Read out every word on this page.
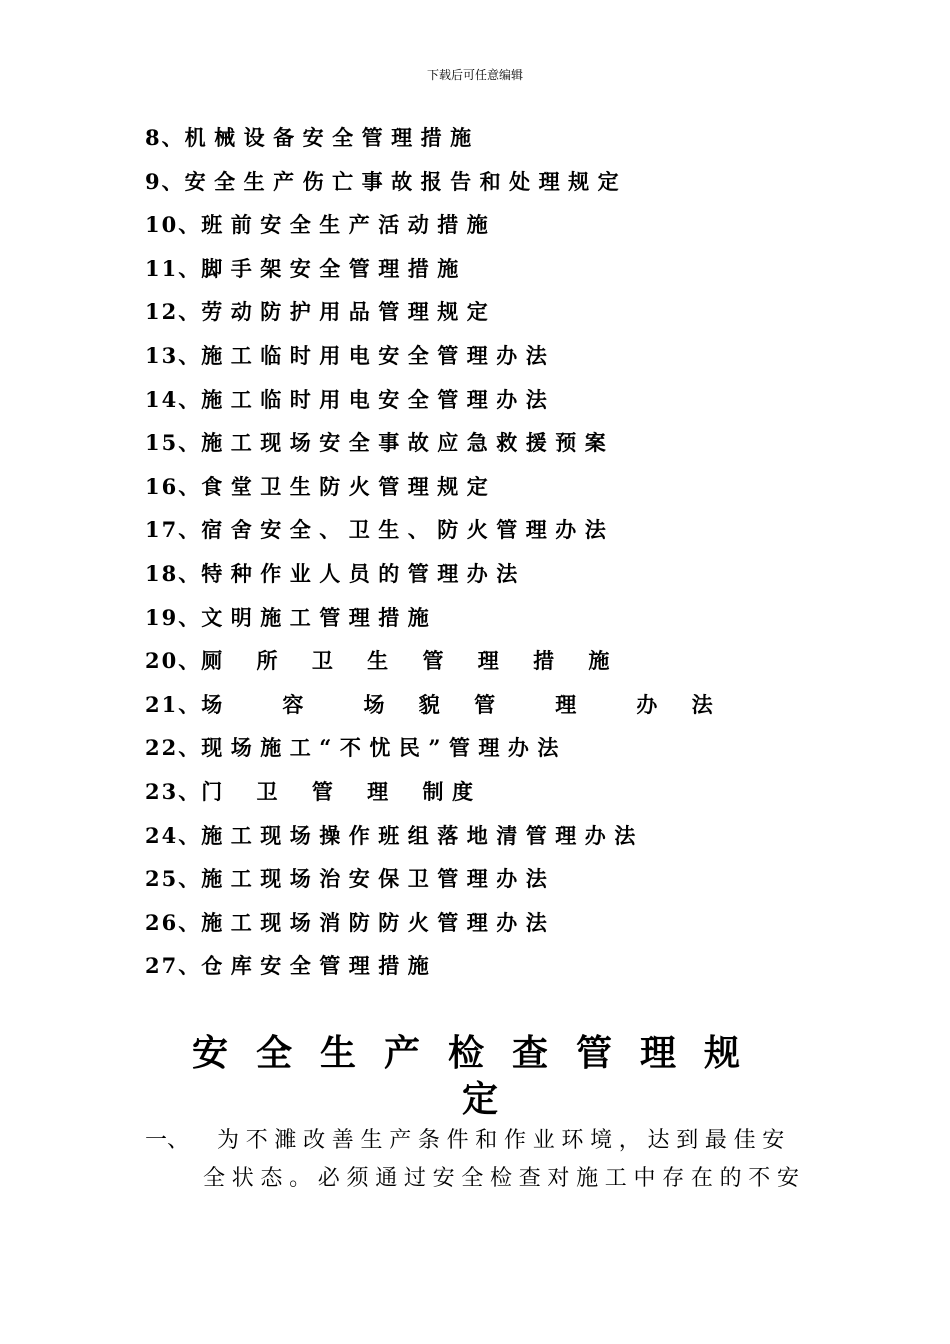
下载后可任意编辑
8、机械设备安全管理措施
9、安全生产伤亡事故报告和处理规定
10、班前安全生产活动措施
11、脚手架安全管理措施
12、劳动防护用品管理规定
13、施工临时用电安全管理办法
14、施工临时用电安全管理办法
15、施工现场安全事故应急救援预案
16、食堂卫生防火管理规定
17、宿舍安全、卫生、防火管理办法
18、特种作业人员的管理办法
19、文明施工管理措施
20、厕 所 卫 生 管 理 措 施
21、场  容  场 貌 管  理  办 法
22、现场施工“不忧民”管理办法
23、门 卫 管 理 制度
24、施工现场操作班组落地清管理办法
25、施工现场治安保卫管理办法
26、施工现场消防防火管理办法
27、仓库安全管理措施
安全生产检查管理规
定
一、 为不濉改善生产条件和作业环境，达到最佳安
全状态。必须通过安全检查对施工中存在的不安
